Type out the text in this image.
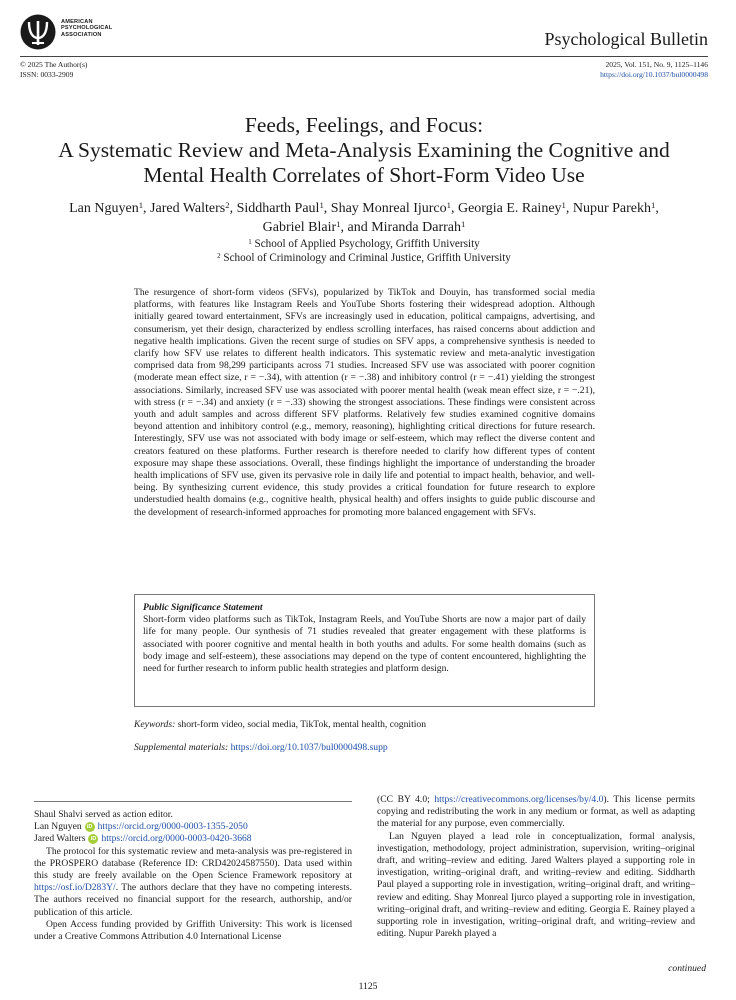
AMERICAN PSYCHOLOGICAL ASSOCIATION	Psychological Bulletin
© 2025 The Author(s)
ISSN: 0033-2909
2025, Vol. 151, No. 9, 1125–1146
https://doi.org/10.1037/bul0000498
Feeds, Feelings, and Focus:
A Systematic Review and Meta-Analysis Examining the Cognitive and
Mental Health Correlates of Short-Form Video Use
Lan Nguyen$^1$, Jared Walters$^2$, Siddharth Paul$^1$, Shay Monreal Ijurco$^1$, Georgia E. Rainey$^1$, Nupur Parekh$^1$,
Gabriel Blair$^1$, and Miranda Darrah$^1$
$^1$ School of Applied Psychology, Griffith University
$^2$ School of Criminology and Criminal Justice, Griffith University

The resurgence of short-form videos (SFVs), popularized by TikTok and Douyin, has transformed social media platforms, with features like Instagram Reels and YouTube Shorts fostering their widespread adoption. Although initially geared toward entertainment, SFVs are increasingly used in education, political campaigns, advertising, and consumerism, yet their design, characterized by endless scrolling interfaces, has raised concerns about addiction and negative health implications. Given the recent surge of studies on SFV apps, a comprehensive synthesis is needed to clarify how SFV use relates to different health indicators. This systematic review and meta-analytic investigation comprised data from 98,299 participants across 71 studies. Increased SFV use was associated with poorer cognition (moderate mean effect size, r = −.34), with attention (r = −.38) and inhibitory control (r = −.41) yielding the strongest associations. Similarly, increased SFV use was associated with poorer mental health (weak mean effect size, r = −.21), with stress (r = −.34) and anxiety (r = −.33) showing the strongest associations. These findings were consistent across youth and adult samples and across different SFV platforms. Relatively few studies examined cognitive domains beyond attention and inhibitory control (e.g., memory, reasoning), highlighting critical directions for future research. Interestingly, SFV use was not associated with body image or self-esteem, which may reflect the diverse content and creators featured on these platforms. Further research is therefore needed to clarify how different types of content exposure may shape these associations. Overall, these findings highlight the importance of understanding the broader health implications of SFV use, given its pervasive role in daily life and potential to impact health, behavior, and well-being. By synthesizing current evidence, this study provides a critical foundation for future research to explore understudied health domains (e.g., cognitive health, physical health) and offers insights to guide public discourse and the development of research-informed approaches for promoting more balanced engagement with SFVs.

Public Significance Statement
Short-form video platforms such as TikTok, Instagram Reels, and YouTube Shorts are now a major part of daily life for many people. Our synthesis of 71 studies revealed that greater engagement with these platforms is associated with poorer cognitive and mental health in both youths and adults. For some health domains (such as body image and self-esteem), these associations may depend on the type of content encountered, highlighting the need for further research to inform public health strategies and platform design.
Keywords: short-form video, social media, TikTok, mental health, cognition
Supplemental materials: https://doi.org/10.1037/bul0000498.supp

Shaul Shalvi served as action editor.

Lan Nguyen iD https://orcid.org/0000-0003-1355-2050

Jared Walters iD https://orcid.org/0000-0003-0420-3668

The protocol for this systematic review and meta-analysis was pre-registered in the PROSPERO database (Reference ID: CRD42024587550). Data used within this study are freely available on the Open Science Framework repository at https://osf.io/D283Y/. The authors declare that they have no competing interests. The authors received no financial support for the research, authorship, and/or publication of this article.

Open Access funding provided by Griffith University: This work is licensed under a Creative Commons Attribution 4.0 International License

(CC BY 4.0; https://creativecommons.org/licenses/by/4.0). This license permits copying and redistributing the work in any medium or format, as well as adapting the material for any purpose, even commercially.

Lan Nguyen played a lead role in conceptualization, formal analysis, investigation, methodology, project administration, supervision, writing–original draft, and writing–review and editing. Jared Walters played a supporting role in investigation, writing–original draft, and writing–review and editing. Siddharth Paul played a supporting role in investigation, writing–original draft, and writing–review and editing. Shay Monreal Ijurco played a supporting role in investigation, writing–original draft, and writing–review and editing. Georgia E. Rainey played a supporting role in investigation, writing–original draft, and writing–review and editing. Nupur Parekh played a

continued
1125
